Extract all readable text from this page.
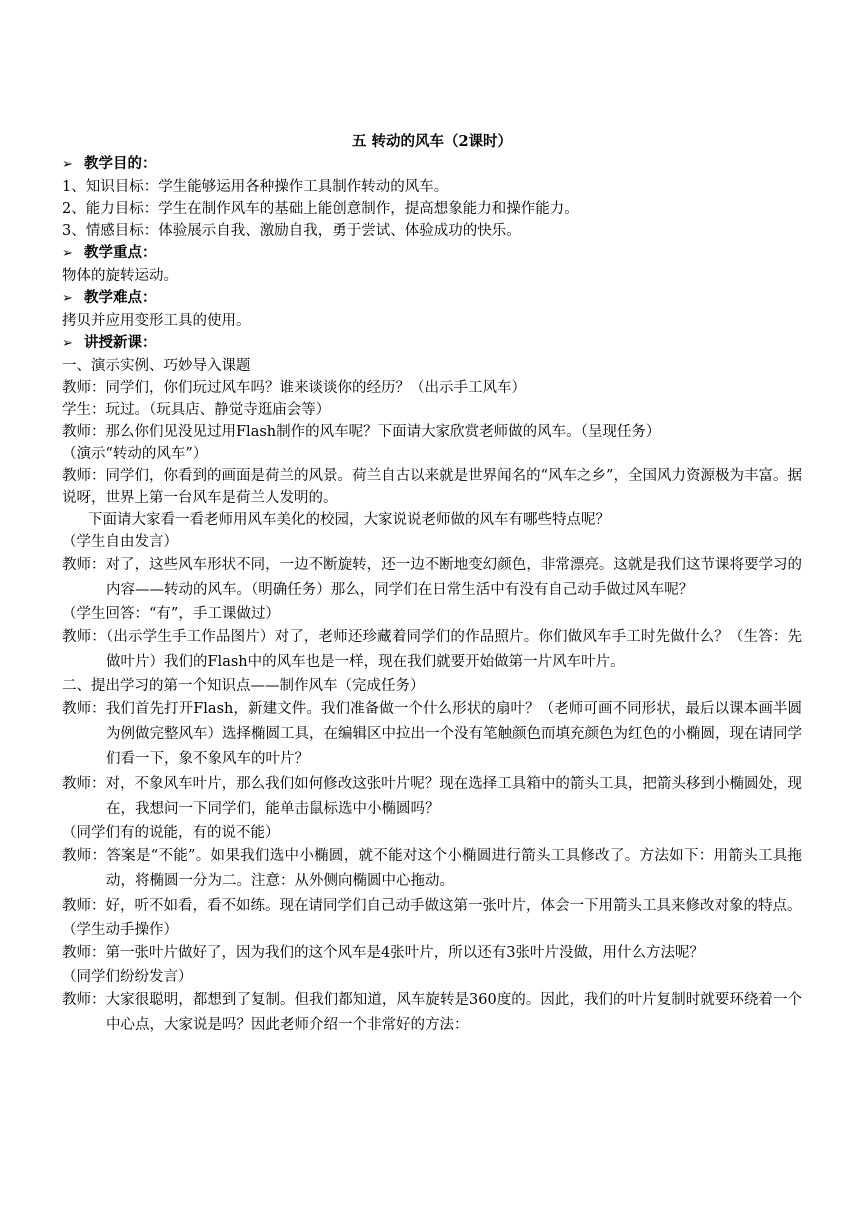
五 转动的风车（2课时）

➢教学目的：

1、知识目标：学生能够运用各种操作工具制作转动的风车。

2、能力目标：学生在制作风车的基础上能创意制作，提高想象能力和操作能力。

3、情感目标：体验展示自我、激励自我，勇于尝试、体验成功的快乐。

➢教学重点：

物体的旋转运动。

➢教学难点：

拷贝并应用变形工具的使用。

➢讲授新课：

一、演示实例、巧妙导入课题

教师：同学们，你们玩过风车吗？谁来谈谈你的经历？（出示手工风车）

学生：玩过。（玩具店、静觉寺逛庙会等）

教师：那么你们见没见过用Flash制作的风车呢？下面请大家欣赏老师做的风车。（呈现任务）

（演示“转动的风车”）

教师：同学们，你看到的画面是荷兰的风景。荷兰自古以来就是世界闻名的“风车之乡”，全国风力资源极为丰富。据说呀，世界上第一台风车是荷兰人发明的。

下面请大家看一看老师用风车美化的校园，大家说说老师做的风车有哪些特点呢？

（学生自由发言）

教师：对了，这些风车形状不同，一边不断旋转，还一边不断地变幻颜色，非常漂亮。这就是我们这节课将要学习的内容——转动的风车。（明确任务）那么，同学们在日常生活中有没有自己动手做过风车呢？

（学生回答：“有”，手工课做过）

教师：（出示学生手工作品图片）对了，老师还珍藏着同学们的作品照片。你们做风车手工时先做什么？（生答：先做叶片）我们的Flash中的风车也是一样，现在我们就要开始做第一片风车叶片。

二、提出学习的第一个知识点——制作风车（完成任务）

教师：我们首先打开Flash，新建文件。我们准备做一个什么形状的扇叶？（老师可画不同形状，最后以课本画半圆为例做完整风车）选择椭圆工具，在编辑区中拉出一个没有笔触颜色而填充颜色为红色的小椭圆，现在请同学们看一下，象不象风车的叶片？

教师：对，不象风车叶片，那么我们如何修改这张叶片呢？现在选择工具箱中的箭头工具，把箭头移到小椭圆处，现在，我想问一下同学们，能单击鼠标选中小椭圆吗？

（同学们有的说能，有的说不能）

教师：答案是“不能”。如果我们选中小椭圆，就不能对这个小椭圆进行箭头工具修改了。方法如下：用箭头工具拖动，将椭圆一分为二。注意：从外侧向椭圆中心拖动。

教师：好，听不如看，看不如练。现在请同学们自己动手做这第一张叶片，体会一下用箭头工具来修改对象的特点。

（学生动手操作）

教师：第一张叶片做好了，因为我们的这个风车是4张叶片，所以还有3张叶片没做，用什么方法呢？

（同学们纷纷发言）

教师：大家很聪明，都想到了复制。但我们都知道，风车旋转是360度的。因此，我们的叶片复制时就要环绕着一个中心点，大家说是吗？因此老师介绍一个非常好的方法：
